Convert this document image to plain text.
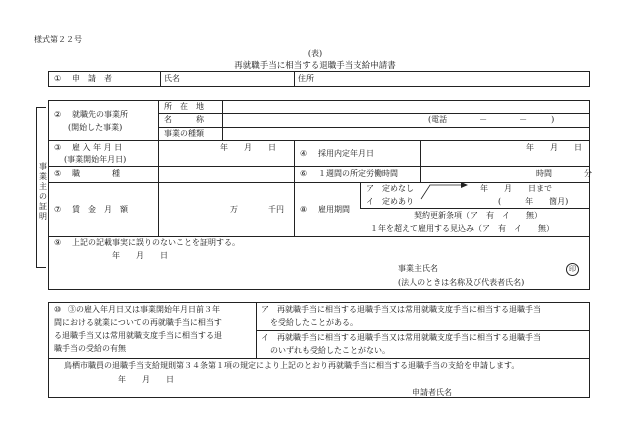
様式第２２号
(表)
再就職手当に相当する退職手当支給申請書
① 申　請　者	氏名	住所
事
業
主
の
証
明
② 就職先の事業所
(開始した事業)
所　在　地
名　　　称
事業の種類
(電話　　　　－　　　　－　　　)
③ 雇 入 年 月 日
(事業開始年月日)
年　　月　　日
④ 採用内定年月日
年　　月　　日
⑤ 職　　　　種	⑥ １週間の所定労働時間	時間　　　　分
⑦ 賃　金　月　額	万	千円 ⑧ 雇用期間
ア　定めなし	年　　月　　日まで
イ　定めあり	(　　　年　　箇月)
契約更新条項（ア　有　イ　　無）
１年を超えて雇用する見込み（ア　有　イ　　無）
⑨ 上記の記載事実に誤りのないことを証明する。
年　　月　　日
事業主氏名	印
(法人のときは名称及び代表者氏名)
⑩ ③の雇入年月日又は事業開始年月日前３年
間における就業についての再就職手当に相当す
る退職手当又は常用就職支度手当に相当する退
職手当の受給の有無
ア　再就職手当に相当する退職手当又は常用就職支度手当に相当する退職手当
を受給したことがある。
イ　再就職手当に相当する退職手当又は常用就職支度手当に相当する退職手当
のいずれも受給したことがない。
鳥栖市職員の退職手当支給規則第３４条第１項の規定により上記のとおり再就職手当に相当する退職手当の支給を申請します。
年　　月　　日
申請者氏名
